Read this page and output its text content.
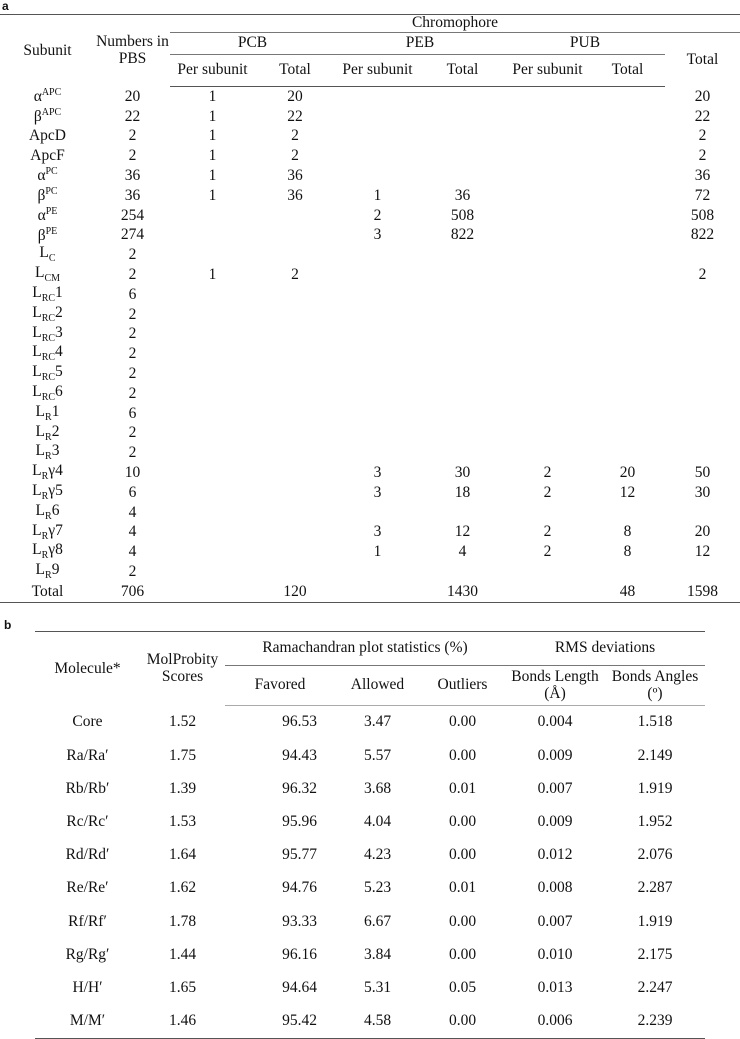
a
Subunit	Numbers in PBS	Chromophore						
		PCB		PEB		PUB		Total
		Per subunit	Total	Per subunit	Total	Per subunit	Total	
$\alpha^{APC}$	20	1	20					20
$\beta^{APC}$	22	1	22					22
ApcD	2	1	2					2
ApcF	2	1	2					2
$\alpha^{PC}$	36	1	36					36
$\beta^{PC}$	36	1	36	1	36			72
$\alpha^{PE}$	254			2	508			508
$\beta^{PE}$	274			3	822			822
$L_C$	2							
$L_{CM}$	2	1	2					2
$L_{RC}1$	6							
$L_{RC}2$	2							
$L_{RC}3$	2							
$L_{RC}4$	2							
$L_{RC}5$	2							
$L_{RC}6$	2							
$L_R1$	6							
$L_R2$	2							
$L_R3$	2							
$L_R\gamma 4$	10			3	30	2	20	50
$L_R\gamma 5$	6			3	18	2	12	30
$L_R6$	4							
$L_R\gamma 7$	4			3	12	2	8	20
$L_R\gamma 8$	4			1	4	2	8	12
$L_R9$	2							
Total	706		120		1430		48	1598
b
Molecule*	MolProbity Scores	Ramachandran plot statistics (%)			RMS deviations	
		Favored	Allowed	Outliers	Bonds Length (Å)	Bonds Angles (º)
Core	1.52	96.53	3.47	0.00	0.004	1.518
Ra/Ra′	1.75	94.43	5.57	0.00	0.009	2.149
Rb/Rb′	1.39	96.32	3.68	0.01	0.007	1.919
Rc/Rc′	1.53	95.96	4.04	0.00	0.009	1.952
Rd/Rd′	1.64	95.77	4.23	0.00	0.012	2.076
Re/Re′	1.62	94.76	5.23	0.01	0.008	2.287
Rf/Rf′	1.78	93.33	6.67	0.00	0.007	1.919
Rg/Rg′	1.44	96.16	3.84	0.00	0.010	2.175
H/H′	1.65	94.64	5.31	0.05	0.013	2.247
M/M′	1.46	95.42	4.58	0.00	0.006	2.239
